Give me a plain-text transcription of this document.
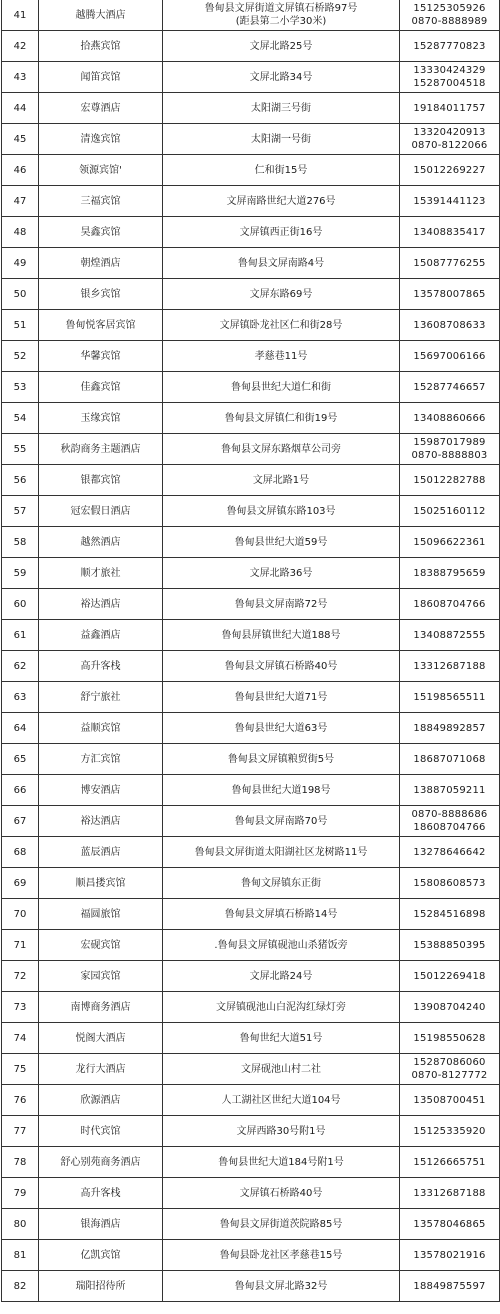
41	越腾大酒店	鲁甸县文屏街道文屏镇石桥路97号
(距县第二小学30米)	15125305926
0870-8888989

42	拾燕宾馆	文屏北路25号	15287770823

43	闻笛宾馆	文屏北路34号	13330424329
15287004518

44	宏尊酒店	太阳湖三号街	19184011757

45	清逸宾馆	太阳湖一号街	13320420913
0870-8122066

46	领源宾馆'	仁和街15号	15012269227

47	三福宾馆	文屏南路世纪大道276号	15391441123

48	昊鑫宾馆	文屏镇西正街16号	13408835417

49	朝煌酒店	鲁甸县文屏南路4号	15087776255

50	银乡宾馆	文屏东路69号	13578007865

51	鲁甸悦客居宾馆	文屏镇卧龙社区仁和街28号	13608708633

52	华馨宾馆	孝慈巷11号	15697006166

53	佳鑫宾馆	鲁甸县世纪大道仁和街	15287746657

54	玉缘宾馆	鲁甸县文屏镇仁和街19号	13408860666

55	秋韵商务主题酒店	鲁甸县文屏东路烟草公司旁	15987017989
0870-8888803

56	银都宾馆	文屏北路1号	15012282788

57	冠宏假日酒店	鲁甸县文屏镇东路103号	15025160112

58	越然酒店	鲁甸县世纪大道59号	15096622361

59	顺才旅社	文屏北路36号	18388795659

60	裕达酒店	鲁甸县文屏南路72号	18608704766

61	益鑫酒店	鲁甸县屏镇世纪大道188号	13408872555

62	高升客栈	鲁甸县文屏镇石桥路40号	13312687188

63	舒宁旅社	鲁甸县世纪大道71号	15198565511

64	益顺宾馆	鲁甸县世纪大道63号	18849892857

65	方汇宾馆	鲁甸县文屏镇粮贸街5号	18687071068

66	博安酒店	鲁甸县世纪大道198号	13887059211

67	裕达酒店	鲁甸县文屏南路70号	0870-8888686
18608704766

68	蓝辰酒店	鲁甸县文屏街道太阳湖社区龙树路11号	13278646642

69	顺昌搂宾馆	鲁甸文屏镇东正街	15808608573

70	福圆旅馆	鲁甸县文屏填石桥路14号	15284516898

71	宏砚宾馆	.鲁甸县文屏镇砚池山杀猪饭旁	15388850395

72	家园宾馆	文屏北路24号	15012269418

73	南博商务酒店	文屏镇砚池山白泥沟红绿灯旁	13908704240

74	悦阁大酒店	鲁甸世纪大道51号	15198550628

75	龙行大酒店	文屏砚池山村二社	15287086060
0870-8127772

76	欣源酒店	人工湖社区世纪大道104号	13508700451

77	时代宾馆	文屏西路30号附1号	15125335920

78	舒心别苑商务酒店	鲁甸县世纪大道184号附1号	15126665751

79	高升客栈	文屏镇石桥路40号	13312687188

80	银海酒店	鲁甸县文屏街道茨院路85号	13578046865

81	亿凯宾馆	鲁甸县卧龙社区孝慈巷15号	13578021916

82	瑞阳招待所	鲁甸县文屏北路32号	18849875597
